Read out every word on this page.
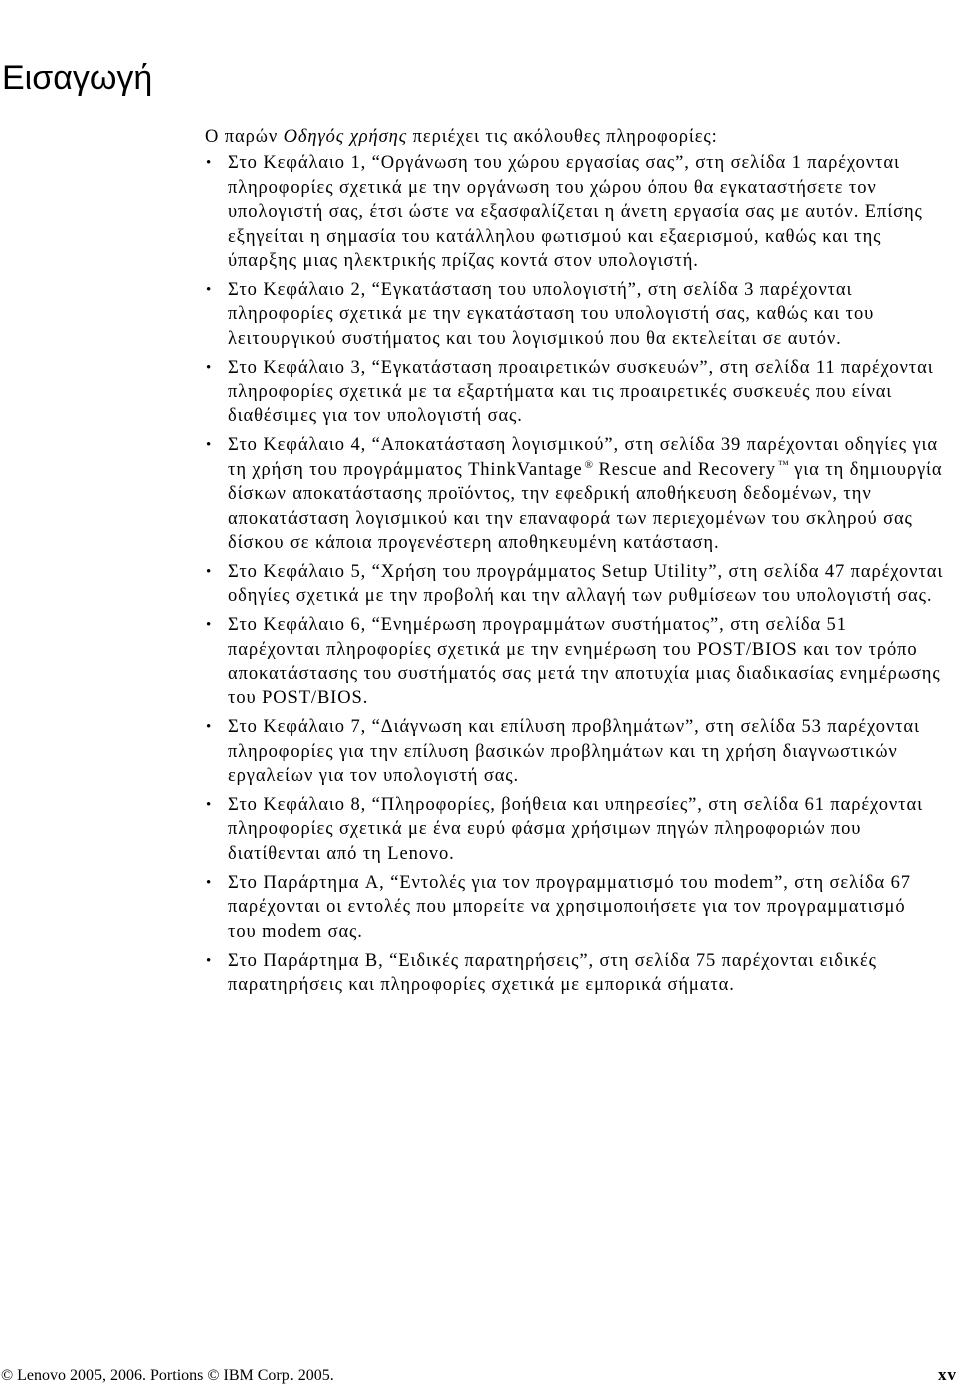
Εισαγωγή
Ο παρών Οδηγός χρήσης περιέχει τις ακόλουθες πληροφορίες:
• Στο Κεφάλαιο 1, “Οργάνωση του χώρου εργασίας σας”, στη σελίδα 1 παρέχονται
πληροφορίες σχετικά με την οργάνωση του χώρου όπου θα εγκαταστήσετε τον
υπολογιστή σας, έτσι ώστε να εξασφαλίζεται η άνετη εργασία σας με αυτόν. Επίσης
εξηγείται η σημασία του κατάλληλου φωτισμού και εξαερισμού, καθώς και της
ύπαρξης μιας ηλεκτρικής πρίζας κοντά στον υπολογιστή.
• Στο Κεφάλαιο 2, “Εγκατάσταση του υπολογιστή”, στη σελίδα 3 παρέχονται
πληροφορίες σχετικά με την εγκατάσταση του υπολογιστή σας, καθώς και του
λειτουργικού συστήματος και του λογισμικού που θα εκτελείται σε αυτόν.
• Στο Κεφάλαιο 3, “Εγκατάσταση προαιρετικών συσκευών”, στη σελίδα 11 παρέχονται
πληροφορίες σχετικά με τα εξαρτήματα και τις προαιρετικές συσκευές που είναι
διαθέσιμες για τον υπολογιστή σας.
• Στο Κεφάλαιο 4, “Αποκατάσταση λογισμικού”, στη σελίδα 39 παρέχονται οδηγίες για
τη χρήση του προγράμματος ThinkVantage ® Rescue and Recovery ™ για τη δημιουργία
δίσκων αποκατάστασης προϊόντος, την εφεδρική αποθήκευση δεδομένων, την
αποκατάσταση λογισμικού και την επαναφορά των περιεχομένων του σκληρού σας
δίσκου σε κάποια προγενέστερη αποθηκευμένη κατάσταση.
• Στο Κεφάλαιο 5, “Χρήση του προγράμματος Setup Utility”, στη σελίδα 47 παρέχονται
οδηγίες σχετικά με την προβολή και την αλλαγή των ρυθμίσεων του υπολογιστή σας.
• Στο Κεφάλαιο 6, “Ενημέρωση προγραμμάτων συστήματος”, στη σελίδα 51
παρέχονται πληροφορίες σχετικά με την ενημέρωση του POST/BIOS και τον τρόπο
αποκατάστασης του συστήματός σας μετά την αποτυχία μιας διαδικασίας ενημέρωσης
του POST/BIOS.
• Στο Κεφάλαιο 7, “Διάγνωση και επίλυση προβλημάτων”, στη σελίδα 53 παρέχονται
πληροφορίες για την επίλυση βασικών προβλημάτων και τη χρήση διαγνωστικών
εργαλείων για τον υπολογιστή σας.
• Στο Κεφάλαιο 8, “Πληροφορίες, βοήθεια και υπηρεσίες”, στη σελίδα 61 παρέχονται
πληροφορίες σχετικά με ένα ευρύ φάσμα χρήσιμων πηγών πληροφοριών που
διατίθενται από τη Lenovo.
• Στο Παράρτημα A, “Εντολές για τον προγραμματισμό του modem”, στη σελίδα 67
παρέχονται οι εντολές που μπορείτε να χρησιμοποιήσετε για τον προγραμματισμό
του modem σας.
• Στο Παράρτημα B, “Ειδικές παρατηρήσεις”, στη σελίδα 75 παρέχονται ειδικές
παρατηρήσεις και πληροφορίες σχετικά με εμπορικά σήματα.
© Lenovo 2005, 2006. Portions © IBM Corp. 2005.	xv
